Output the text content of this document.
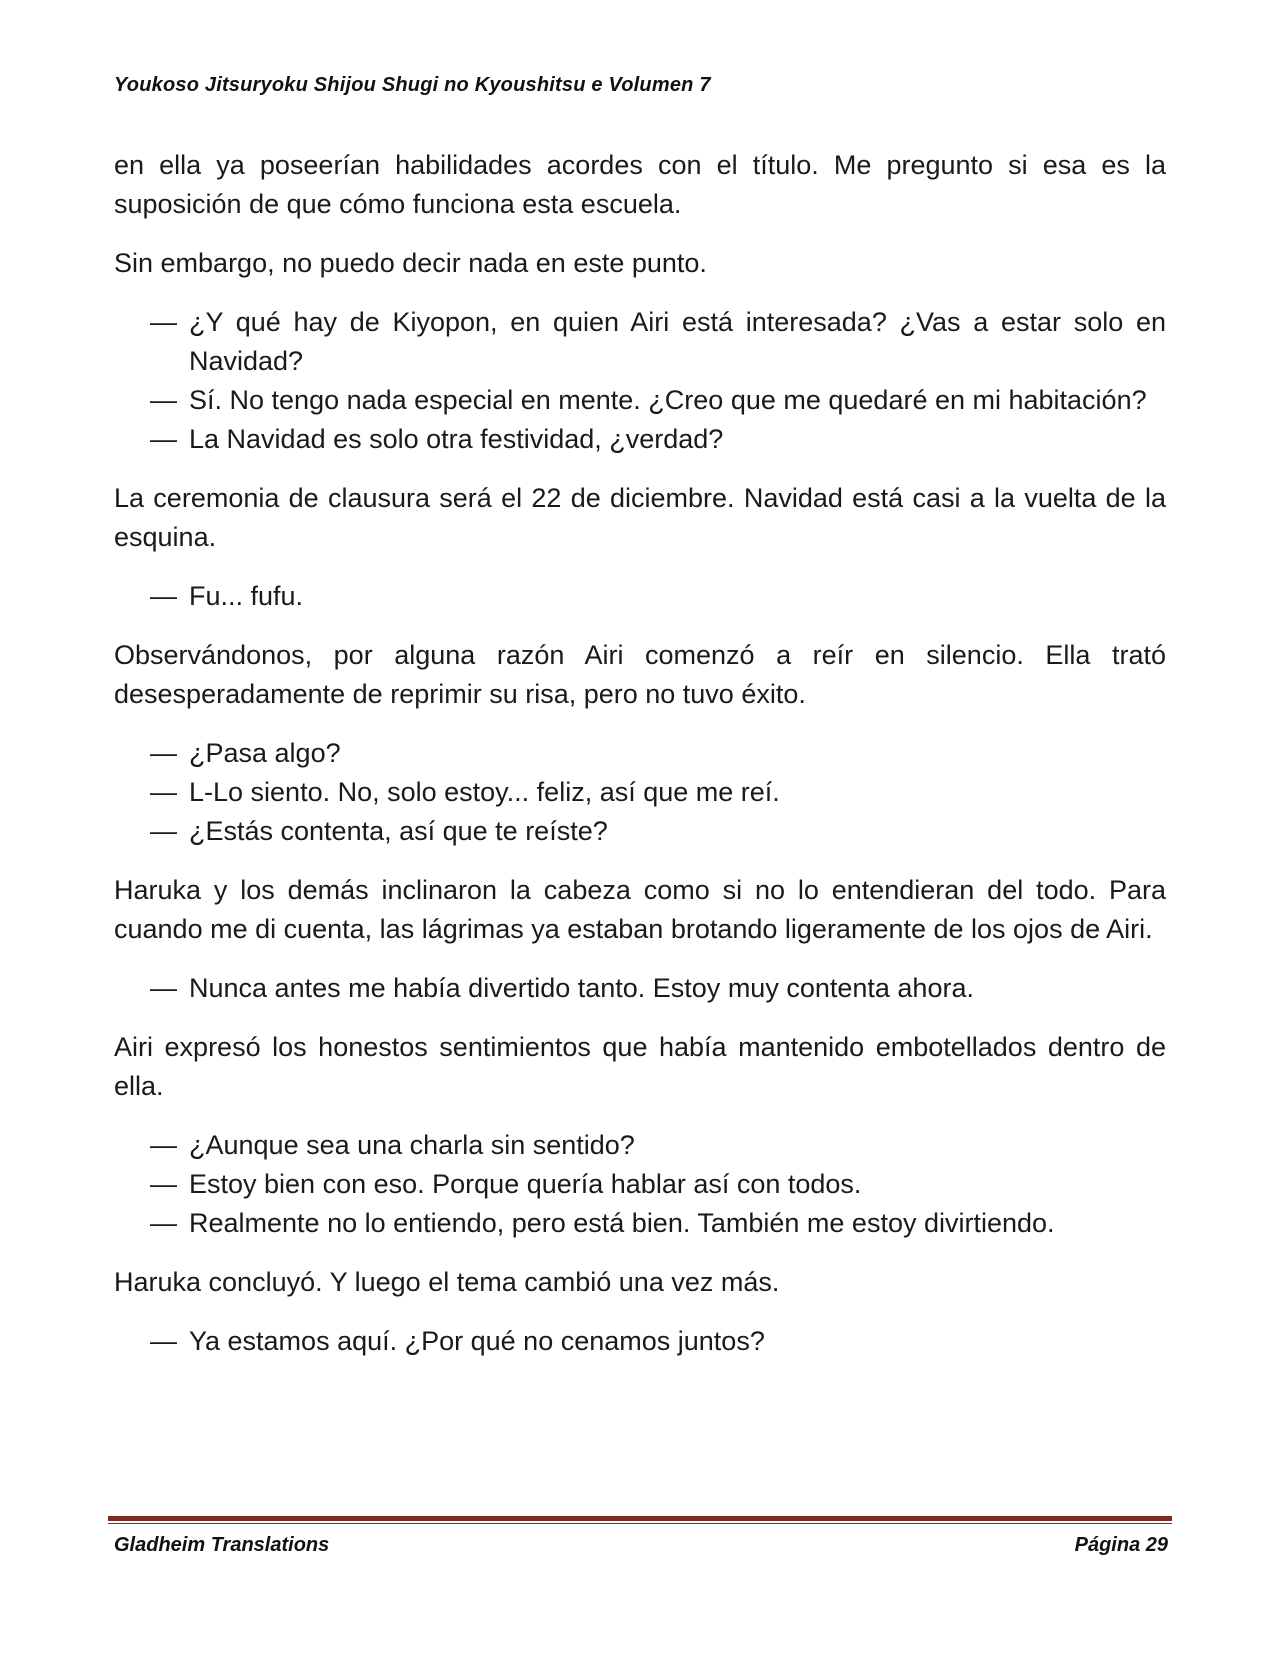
Youkoso Jitsuryoku Shijou Shugi no Kyoushitsu e Volumen 7

en ella ya poseerían habilidades acordes con el título. Me pregunto si esa es la suposición de que cómo funciona esta escuela.

Sin embargo, no puedo decir nada en este punto.

— ¿Y qué hay de Kiyopon, en quien Airi está interesada? ¿Vas a estar solo en Navidad?
— Sí. No tengo nada especial en mente. ¿Creo que me quedaré en mi habitación?
— La Navidad es solo otra festividad, ¿verdad?

La ceremonia de clausura será el 22 de diciembre. Navidad está casi a la vuelta de la esquina.

— Fu... fufu.

Observándonos, por alguna razón Airi comenzó a reír en silencio. Ella trató desesperadamente de reprimir su risa, pero no tuvo éxito.

— ¿Pasa algo?
— L-Lo siento. No, solo estoy... feliz, así que me reí.
— ¿Estás contenta, así que te reíste?

Haruka y los demás inclinaron la cabeza como si no lo entendieran del todo. Para cuando me di cuenta, las lágrimas ya estaban brotando ligeramente de los ojos de Airi.

— Nunca antes me había divertido tanto. Estoy muy contenta ahora.

Airi expresó los honestos sentimientos que había mantenido embotellados dentro de ella.

— ¿Aunque sea una charla sin sentido?
— Estoy bien con eso. Porque quería hablar así con todos.
— Realmente no lo entiendo, pero está bien. También me estoy divirtiendo.

Haruka concluyó. Y luego el tema cambió una vez más.

— Ya estamos aquí. ¿Por qué no cenamos juntos?
Gladheim Translations	Página 29
